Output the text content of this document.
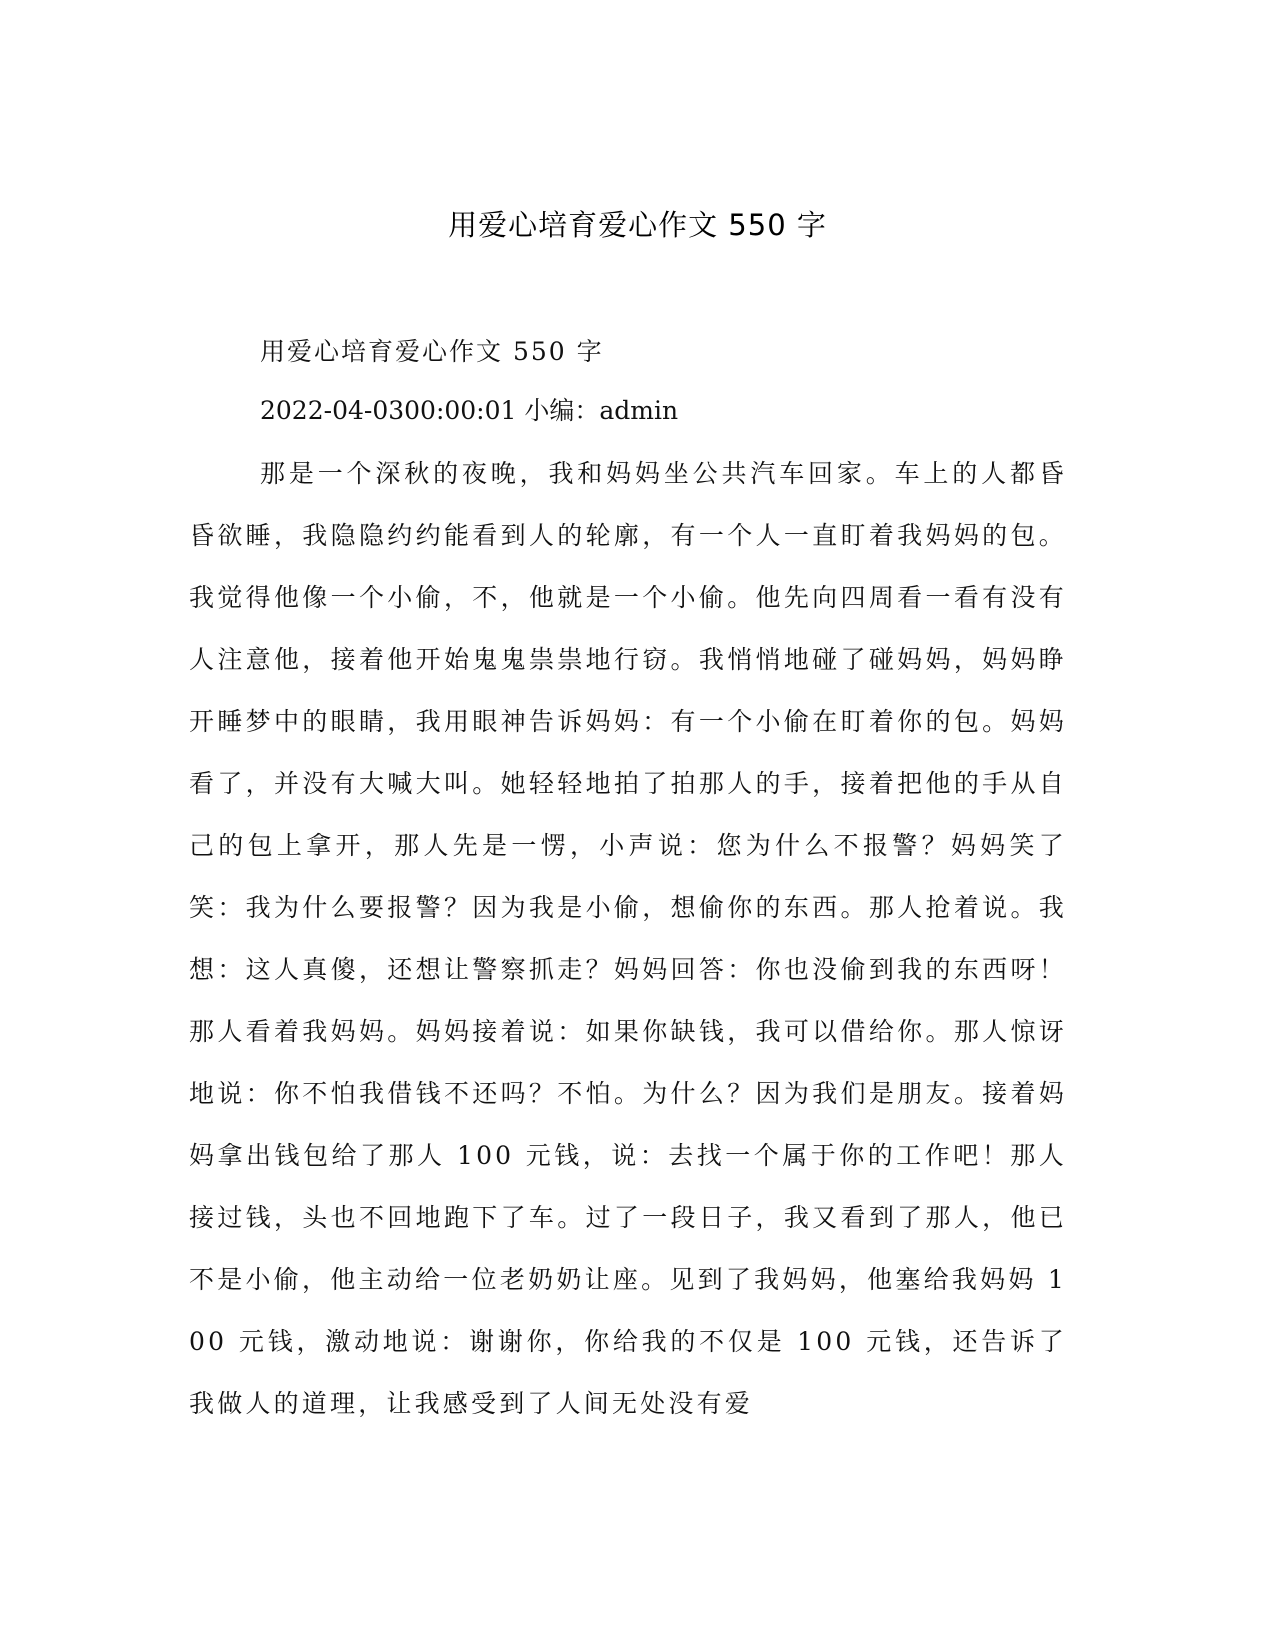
用爱心培育爱心作文 550 字
用爱心培育爱心作文 550 字
2022-04-0300:00:01 小编：admin

那是一个深秋的夜晚，我和妈妈坐公共汽车回家。车上的人都昏昏欲睡，我隐隐约约能看到人的轮廓，有一个人一直盯着我妈妈的包。我觉得他像一个小偷，不，他就是一个小偷。他先向四周看一看有没有人注意他，接着他开始鬼鬼祟祟地行窃。我悄悄地碰了碰妈妈，妈妈睁开睡梦中的眼睛，我用眼神告诉妈妈：有一个小偷在盯着你的包。妈妈看了，并没有大喊大叫。她轻轻地拍了拍那人的手，接着把他的手从自己的包上拿开，那人先是一愣，小声说：您为什么不报警？妈妈笑了笑：我为什么要报警？因为我是小偷，想偷你的东西。那人抢着说。我想：这人真傻，还想让警察抓走？妈妈回答：你也没偷到我的东西呀！那人看着我妈妈。妈妈接着说：如果你缺钱，我可以借给你。那人惊讶地说：你不怕我借钱不还吗？不怕。为什么？因为我们是朋友。接着妈妈拿出钱包给了那人 100 元钱，说：去找一个属于你的工作吧！那人接过钱，头也不回地跑下了车。过了一段日子，我又看到了那人，他已不是小偷，他主动给一位老奶奶让座。见到了我妈妈，他塞给我妈妈 100 元钱，激动地说：谢谢你，你给我的不仅是 100 元钱，还告诉了我做人的道理，让我感受到了人间无处没有爱
